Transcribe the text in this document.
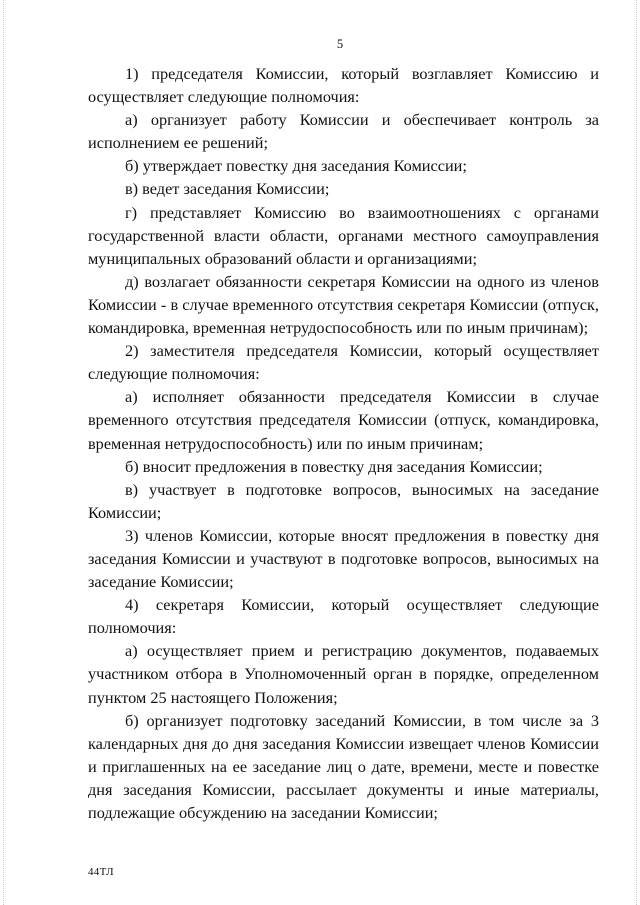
5

1) председателя Комиссии, который возглавляет Комиссию и осуществляет следующие полномочия:

а) организует работу Комиссии и обеспечивает контроль за исполнением ее решений;

б) утверждает повестку дня заседания Комиссии;

в) ведет заседания Комиссии;

г) представляет Комиссию во взаимоотношениях с органами государственной власти области, органами местного самоуправления муниципальных образований области и организациями;

д) возлагает обязанности секретаря Комиссии на одного из членов Комиссии - в случае временного отсутствия секретаря Комиссии (отпуск, командировка, временная нетрудоспособность или по иным причинам);

2) заместителя председателя Комиссии, который осуществляет следующие полномочия:

а) исполняет обязанности председателя Комиссии в случае временного отсутствия председателя Комиссии (отпуск, командировка, временная нетрудоспособность) или по иным причинам;

б) вносит предложения в повестку дня заседания Комиссии;

в) участвует в подготовке вопросов, выносимых на заседание Комиссии;

3) членов Комиссии, которые вносят предложения в повестку дня заседания Комиссии и участвуют в подготовке вопросов, выносимых на заседание Комиссии;

4) секретаря Комиссии, который осуществляет следующие полномочия:

а) осуществляет прием и регистрацию документов, подаваемых участником отбора в Уполномоченный орган в порядке, определенном пунктом 25 настоящего Положения;

б) организует подготовку заседаний Комиссии, в том числе за 3 календарных дня до дня заседания Комиссии извещает членов Комиссии и приглашенных на ее заседание лиц о дате, времени, месте и повестке дня заседания Комиссии, рассылает документы и иные материалы, подлежащие обсуждению на заседании Комиссии;

44ТЛ
